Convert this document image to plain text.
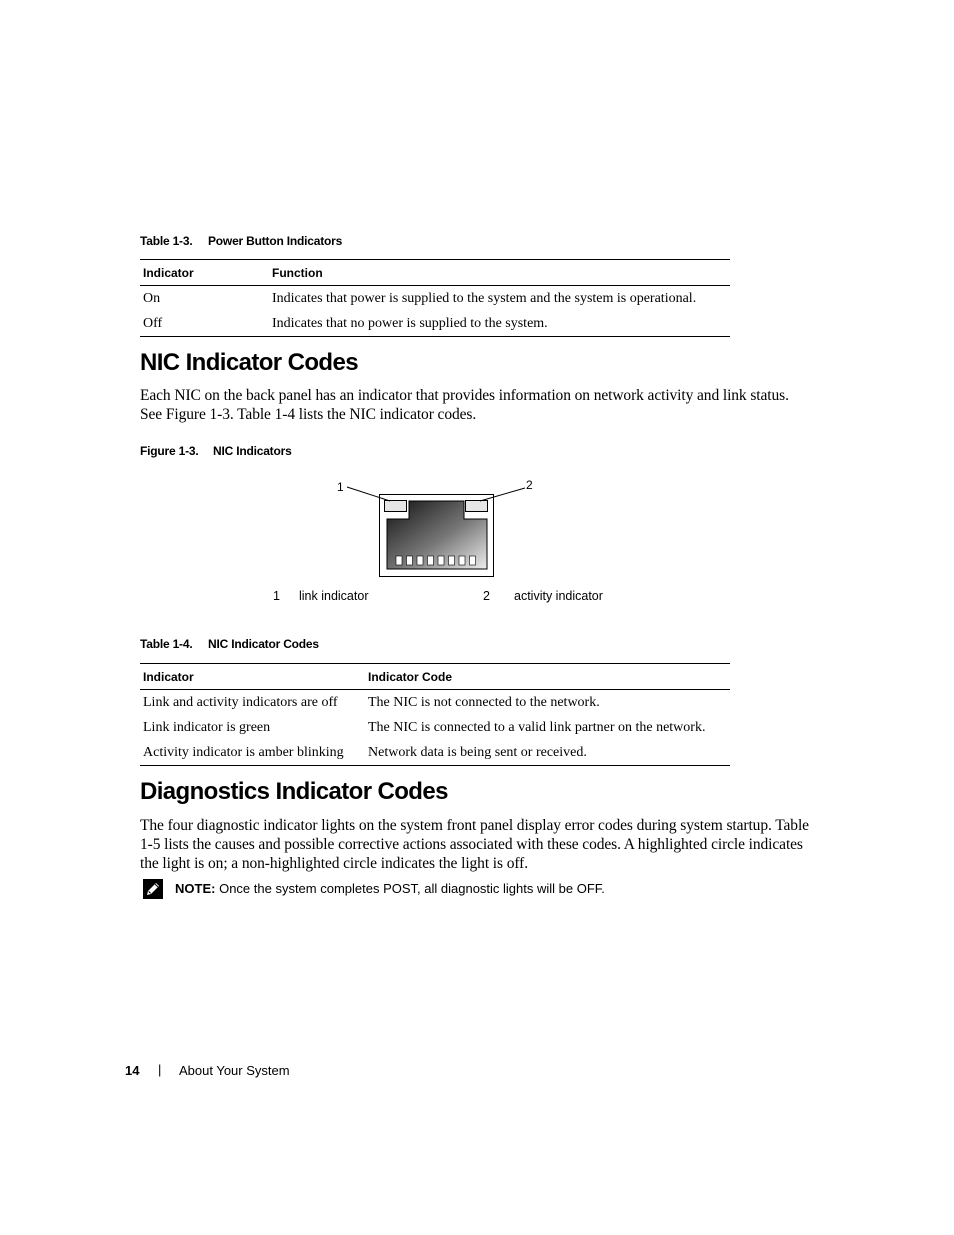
Table 1-3. Power Button Indicators
Indicator	Function
On	Indicates that power is supplied to the system and the system is operational.
Off	Indicates that no power is supplied to the system.
NIC Indicator Codes
Each NIC on the back panel has an indicator that provides information on network activity and link status. See Figure 1-3. Table 1-4 lists the NIC indicator codes.
Figure 1-3. NIC Indicators
1	2
1 link indicator	2 activity indicator
Table 1-4. NIC Indicator Codes
Indicator	Indicator Code
Link and activity indicators are off	The NIC is not connected to the network.
Link indicator is green	The NIC is connected to a valid link partner on the network.
Activity indicator is amber blinking	Network data is being sent or received.
Diagnostics Indicator Codes
The four diagnostic indicator lights on the system front panel display error codes during system startup. Table 1-5 lists the causes and possible corrective actions associated with these codes. A highlighted circle indicates the light is on; a non-highlighted circle indicates the light is off.
NOTE: Once the system completes POST, all diagnostic lights will be OFF.
14 | About Your System
